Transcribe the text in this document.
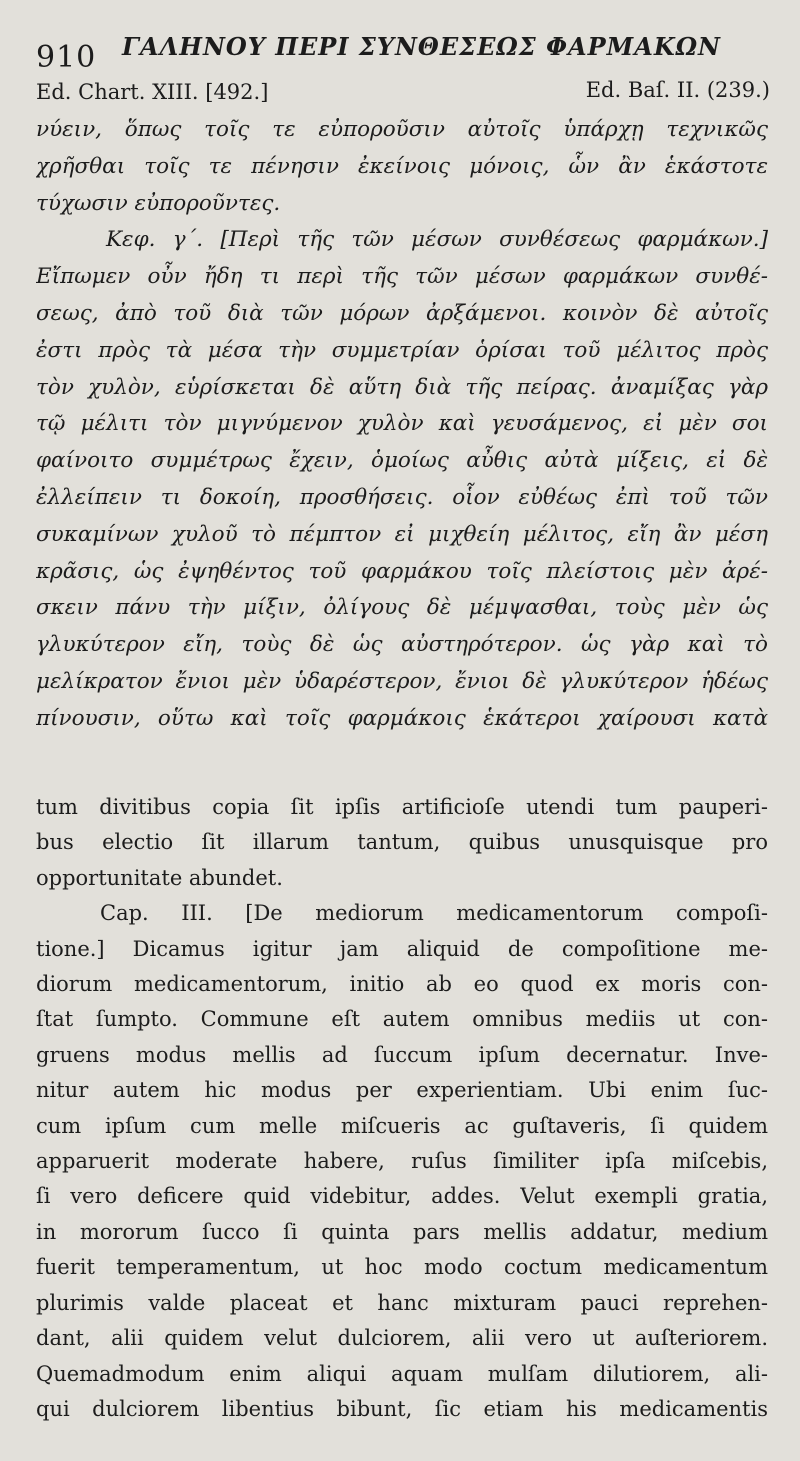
910 ΓΑΛΗΝΟΥ ΠΕΡΙ ΣΥΝΘΕΣΕΩΣ ΦΑΡΜΑΚΩΝ
Ed. Chart. XIII. [492.]	Ed. Baſ. II. (239.)
νύειν, ὅπως τοῖς τε εὐποροῦσιν αὐτοῖς ὑπάρχῃ τεχνικῶς
χρῆσθαι τοῖς τε πένησιν ἐκείνοις μόνοις, ὧν ἂν ἑκάστοτε
τύχωσιν εὐποροῦντες.
Κεφ. γ΄. [Περὶ τῆς τῶν μέσων συνθέσεως φαρμάκων.]
Εἴπωμεν οὖν ἤδη τι περὶ τῆς τῶν μέσων φαρμάκων συνθέ-
σεως, ἀπὸ τοῦ διὰ τῶν μόρων ἀρξάμενοι. κοινὸν δὲ αὐτοῖς
ἐστι πρὸς τὰ μέσα τὴν συμμετρίαν ὁρίσαι τοῦ μέλιτος πρὸς
τὸν χυλὸν, εὑρίσκεται δὲ αὕτη διὰ τῆς πείρας. ἀναμίξας γὰρ
τῷ μέλιτι τὸν μιγνύμενον χυλὸν καὶ γευσάμενος, εἰ μὲν σοι
φαίνοιτο συμμέτρως ἔχειν, ὁμοίως αὖθις αὐτὰ μίξεις, εἰ δὲ
ἐλλείπειν τι δοκοίη, προσθήσεις. οἷον εὐθέως ἐπὶ τοῦ τῶν
συκαμίνων χυλοῦ τὸ πέμπτον εἰ μιχθείη μέλιτος, εἴη ἂν μέση
κρᾶσις, ὡς ἐψηθέντος τοῦ φαρμάκου τοῖς πλείστοις μὲν ἀρέ-
σκειν πάνυ τὴν μίξιν, ὀλίγους δὲ μέμψασθαι, τοὺς μὲν ὡς
γλυκύτερον εἴη, τοὺς δὲ ὡς αὐστηρότερον. ὡς γὰρ καὶ τὸ
μελίκρατον ἔνιοι μὲν ὑδαρέστερον, ἔνιοι δὲ γλυκύτερον ἡδέως
πίνουσιν, οὕτω καὶ τοῖς φαρμάκοις ἑκάτεροι χαίρουσι κατὰ
tum divitibus copia ſit ipſis artificioſe utendi tum pauperi-
bus electio ſit illarum tantum, quibus unusquisque pro
opportunitate abundet.
Cap. III. [De mediorum medicamentorum compoſi-
tione.] Dicamus igitur jam aliquid de compoſitione me-
diorum medicamentorum, initio ab eo quod ex moris con-
ſtat ſumpto. Commune eſt autem omnibus mediis ut con-
gruens modus mellis ad ſuccum ipſum decernatur. Inve-
nitur autem hic modus per experientiam. Ubi enim ſuc-
cum ipſum cum melle miſcueris ac guſtaveris, ſi quidem
apparuerit moderate habere, ruſus ſimiliter ipſa miſcebis,
ſi vero deficere quid videbitur, addes. Velut exempli gratia,
in mororum ſucco ſi quinta pars mellis addatur, medium
fuerit temperamentum, ut hoc modo coctum medicamentum
plurimis valde placeat et hanc mixturam pauci reprehen-
dant, alii quidem velut dulciorem, alii vero ut auſteriorem.
Quemadmodum enim aliqui aquam mulſam dilutiorem, ali-
qui dulciorem libentius bibunt, ſic etiam his medicamentis
